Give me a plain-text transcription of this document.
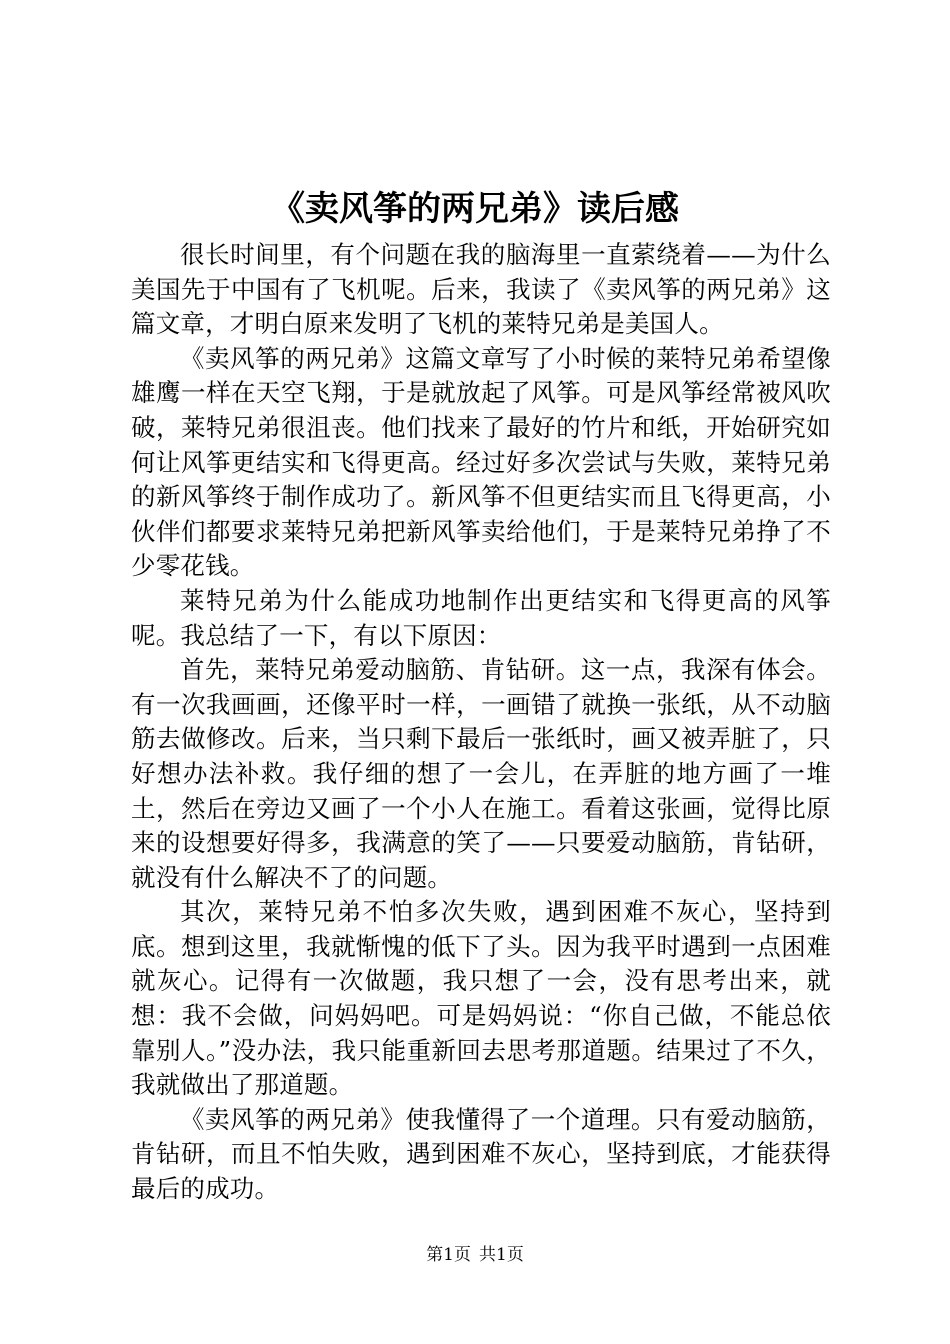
《卖风筝的两兄弟》读后感

很长时间里，有个问题在我的脑海里一直萦绕着——为什么美国先于中国有了飞机呢。后来，我读了《卖风筝的两兄弟》这篇文章，才明白原来发明了飞机的莱特兄弟是美国人。

《卖风筝的两兄弟》这篇文章写了小时候的莱特兄弟希望像雄鹰一样在天空飞翔，于是就放起了风筝。可是风筝经常被风吹破，莱特兄弟很沮丧。他们找来了最好的竹片和纸，开始研究如何让风筝更结实和飞得更高。经过好多次尝试与失败，莱特兄弟的新风筝终于制作成功了。新风筝不但更结实而且飞得更高，小伙伴们都要求莱特兄弟把新风筝卖给他们，于是莱特兄弟挣了不少零花钱。

莱特兄弟为什么能成功地制作出更结实和飞得更高的风筝呢。我总结了一下，有以下原因：

首先，莱特兄弟爱动脑筋、肯钻研。这一点，我深有体会。有一次我画画，还像平时一样，一画错了就换一张纸，从不动脑筋去做修改。后来，当只剩下最后一张纸时，画又被弄脏了，只好想办法补救。我仔细的想了一会儿，在弄脏的地方画了一堆土，然后在旁边又画了一个小人在施工。看着这张画，觉得比原来的设想要好得多，我满意的笑了——只要爱动脑筋，肯钻研，就没有什么解决不了的问题。

其次，莱特兄弟不怕多次失败，遇到困难不灰心，坚持到底。想到这里，我就惭愧的低下了头。因为我平时遇到一点困难就灰心。记得有一次做题，我只想了一会，没有思考出来，就想：我不会做，问妈妈吧。可是妈妈说：“你自己做，不能总依靠别人。”没办法，我只能重新回去思考那道题。结果过了不久，我就做出了那道题。

《卖风筝的两兄弟》使我懂得了一个道理。只有爱动脑筋，肯钻研，而且不怕失败，遇到困难不灰心，坚持到底，才能获得最后的成功。

第1页 共1页
